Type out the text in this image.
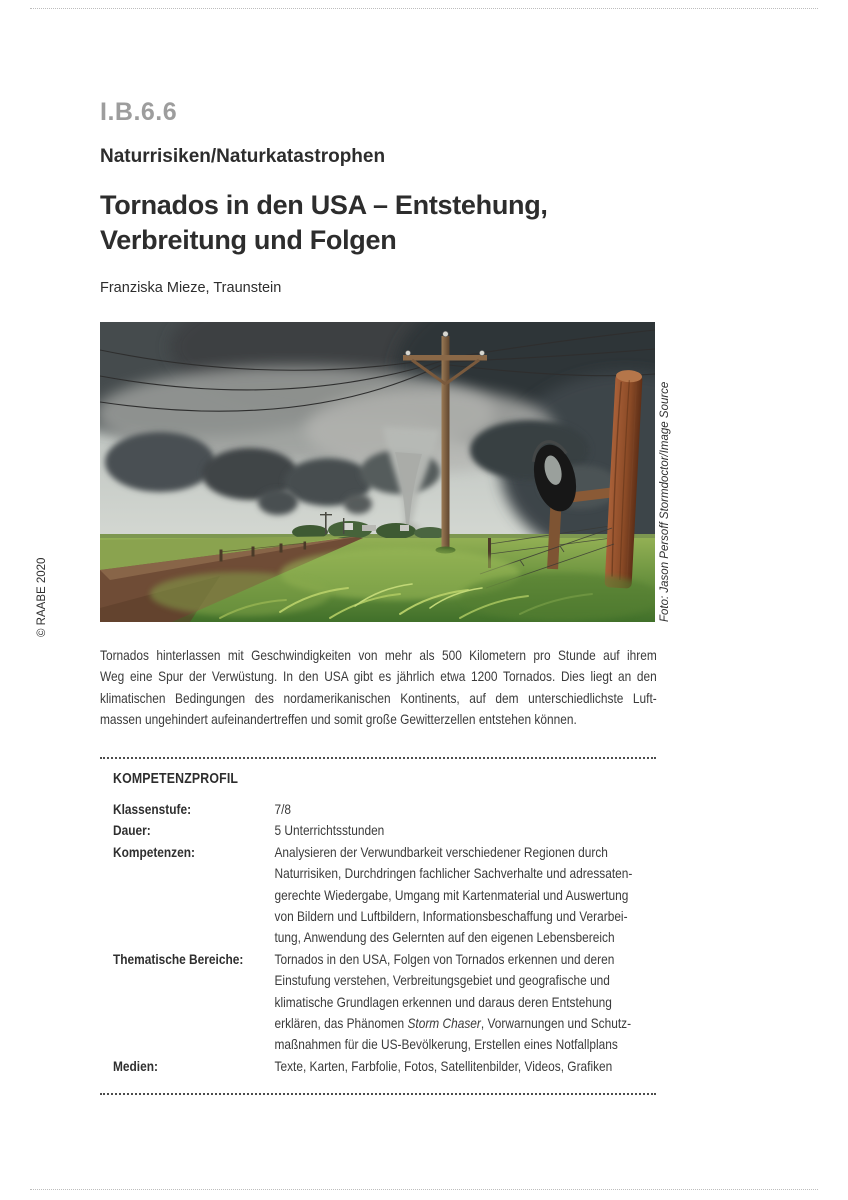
I.B.6.6
Naturrisiken/Naturkatastrophen
Tornados in den USA – Entstehung,
Verbreitung und Folgen
Franziska Mieze, Traunstein
Foto: Jason Persoff Stormdoctor/Image Source
© RAABE 2020
Tornados hinterlassen mit Geschwindigkeiten von mehr als 500 Kilometern pro Stunde auf ihrem
Weg eine Spur der Verwüstung. In den USA gibt es jährlich etwa 1200 Tornados. Dies liegt an den
klimatischen Bedingungen des nordamerikanischen Kontinents, auf dem unterschiedlichste Luft-
massen ungehindert aufeinandertreffen und somit große Gewitterzellen entstehen können.
KOMPETENZPROFIL
Klassenstufe:	7/8
Dauer:	5 Unterrichtsstunden
Kompetenzen:	Analysieren der Verwundbarkeit verschiedener Regionen durch
Naturrisiken, Durchdringen fachlicher Sachverhalte und adressaten-
gerechte Wiedergabe, Umgang mit Kartenmaterial und Auswertung
von Bildern und Luftbildern, Informationsbeschaffung und Verarbei-
tung, Anwendung des Gelernten auf den eigenen Lebensbereich
Thematische Bereiche:	Tornados in den USA, Folgen von Tornados erkennen und deren
Einstufung verstehen, Verbreitungsgebiet und geografische und
klimatische Grundlagen erkennen und daraus deren Entstehung
erklären, das Phänomen Storm Chaser, Vorwarnungen und Schutz-
maßnahmen für die US-Bevölkerung, Erstellen eines Notfallplans
Medien:	Texte, Karten, Farbfolie, Fotos, Satellitenbilder, Videos, Grafiken
